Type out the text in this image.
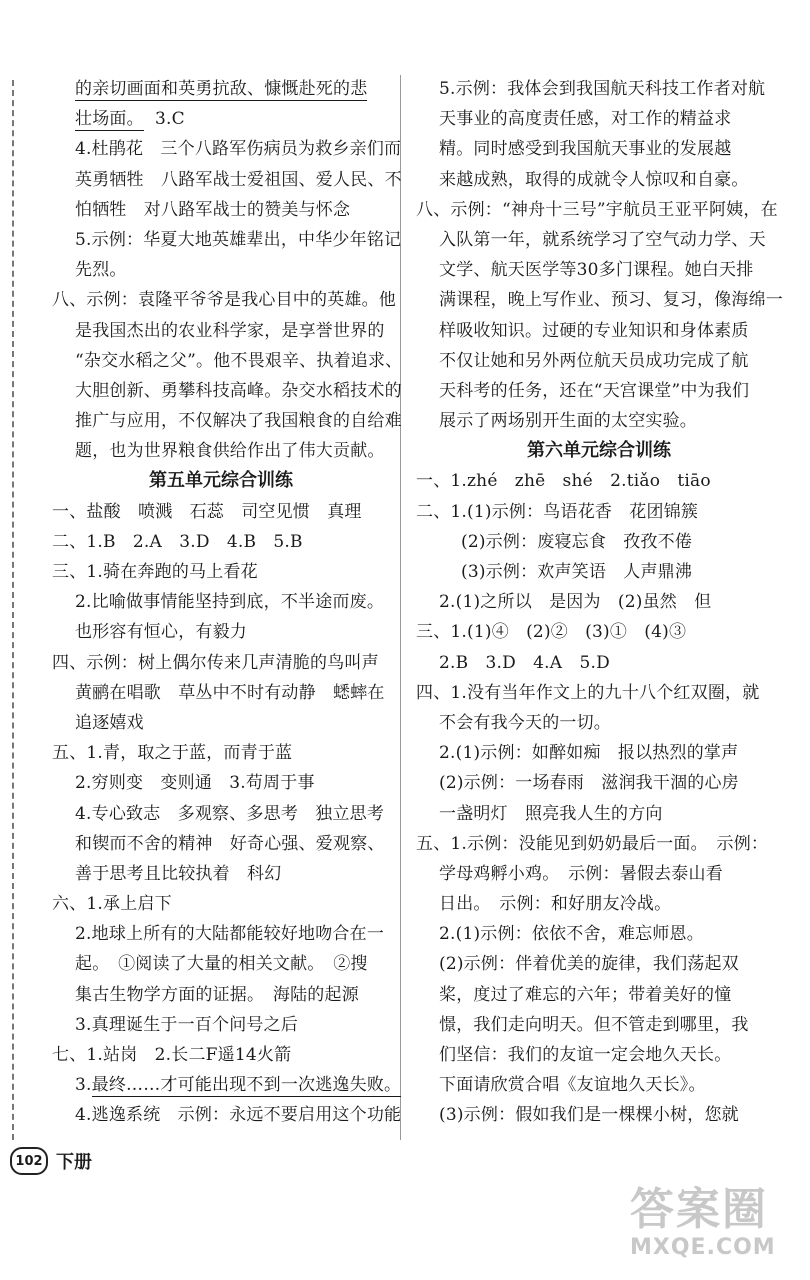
的亲切画面和英勇抗敌、慷慨赴死的悲
壮场面。  3.C
4.杜鹃花　三个八路军伤病员为救乡亲们而
英勇牺牲　八路军战士爱祖国、爱人民、不
怕牺牲　对八路军战士的赞美与怀念
5.示例：华夏大地英雄辈出，中华少年铭记
先烈。
八、示例：袁隆平爷爷是我心目中的英雄。他
是我国杰出的农业科学家，是享誉世界的
“杂交水稻之父”。他不畏艰辛、执着追求、
大胆创新、勇攀科技高峰。杂交水稻技术的
推广与应用，不仅解决了我国粮食的自给难
题，也为世界粮食供给作出了伟大贡献。
第五单元综合训练
一、盐酸　喷溅　石蕊　司空见惯　真理
二、1.B　2.A　3.D　4.B　5.B
三、1.骑在奔跑的马上看花
2.比喻做事情能坚持到底，不半途而废。
也形容有恒心，有毅力
四、示例：树上偶尔传来几声清脆的鸟叫声
黄鹂在唱歌　草丛中不时有动静　蟋蟀在
追逐嬉戏
五、1.青，取之于蓝，而青于蓝
2.穷则变　变则通　3.苟周于事
4.专心致志　多观察、多思考　独立思考
和锲而不舍的精神　好奇心强、爱观察、
善于思考且比较执着　科幻
六、1.承上启下
2.地球上所有的大陆都能较好地吻合在一
起。　①阅读了大量的相关文献。　②搜
集古生物学方面的证据。　海陆的起源
3.真理诞生于一百个问号之后
七、1.站岗　2.长二F遥14火箭
3.最终……才可能出现不到一次逃逸失败。
4.逃逸系统　示例：永远不要启用这个功能
5.示例：我体会到我国航天科技工作者对航
天事业的高度责任感，对工作的精益求
精。同时感受到我国航天事业的发展越
来越成熟，取得的成就令人惊叹和自豪。
八、示例：“神舟十三号”宇航员王亚平阿姨，在
入队第一年，就系统学习了空气动力学、天
文学、航天医学等30多门课程。她白天排
满课程，晚上写作业、预习、复习，像海绵一
样吸收知识。过硬的专业知识和身体素质
不仅让她和另外两位航天员成功完成了航
天科考的任务，还在“天宫课堂”中为我们
展示了两场别开生面的太空实验。
第六单元综合训练
一、1.zhé　zhē　shé　2.tiǎo　tiāo
二、1.(1)示例：鸟语花香　花团锦簇
(2)示例：废寝忘食　孜孜不倦
(3)示例：欢声笑语　人声鼎沸
2.(1)之所以　是因为　(2)虽然　但
三、1.(1)④　(2)②　(3)①　(4)③
2.B　3.D　4.A　5.D
四、1.没有当年作文上的九十八个红双圈，就
不会有我今天的一切。
2.(1)示例：如醉如痴　报以热烈的掌声
(2)示例：一场春雨　滋润我干涸的心房
一盏明灯　照亮我人生的方向
五、1.示例：没能见到奶奶最后一面。　示例：
学母鸡孵小鸡。　示例：暑假去泰山看
日出。　示例：和好朋友冷战。
2.(1)示例：依依不舍，难忘师恩。
(2)示例：伴着优美的旋律，我们荡起双
桨，度过了难忘的六年；带着美好的憧
憬，我们走向明天。但不管走到哪里，我
们坚信：我们的友谊一定会地久天长。
下面请欣赏合唱《友谊地久天长》。
(3)示例：假如我们是一棵棵小树，您就
102 下册
答案圈
MXQE.COM
